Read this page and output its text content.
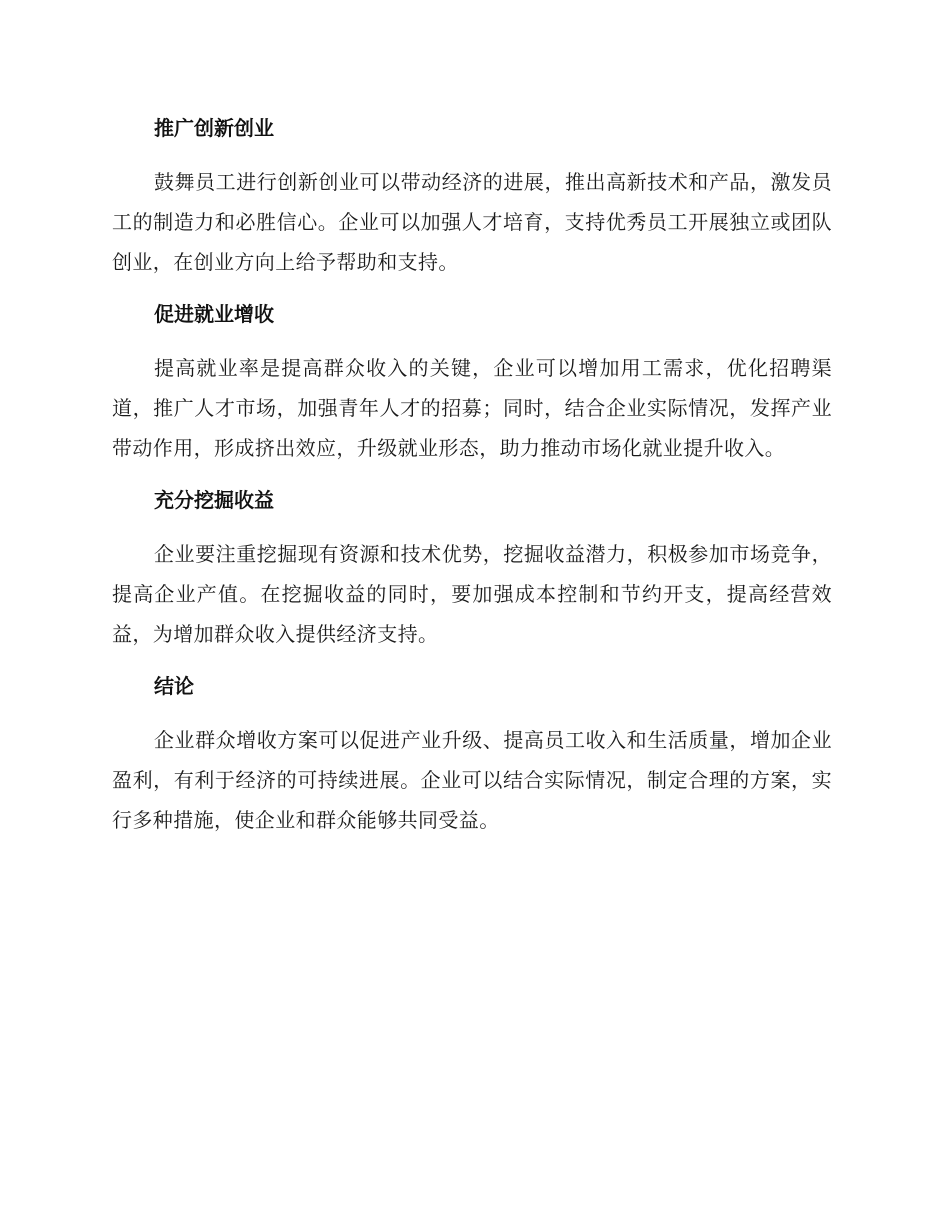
推广创新创业

鼓舞员工进行创新创业可以带动经济的进展，推出高新技术和产品，激发员工的制造力和必胜信心。企业可以加强人才培育，支持优秀员工开展独立或团队创业，在创业方向上给予帮助和支持。

促进就业增收

提高就业率是提高群众收入的关键，企业可以增加用工需求，优化招聘渠道，推广人才市场，加强青年人才的招募；同时，结合企业实际情况，发挥产业带动作用，形成挤出效应，升级就业形态，助力推动市场化就业提升收入。

充分挖掘收益

企业要注重挖掘现有资源和技术优势，挖掘收益潜力，积极参加市场竞争，提高企业产值。在挖掘收益的同时，要加强成本控制和节约开支，提高经营效益，为增加群众收入提供经济支持。

结论

企业群众增收方案可以促进产业升级、提高员工收入和生活质量，增加企业盈利，有利于经济的可持续进展。企业可以结合实际情况，制定合理的方案，实行多种措施，使企业和群众能够共同受益。
